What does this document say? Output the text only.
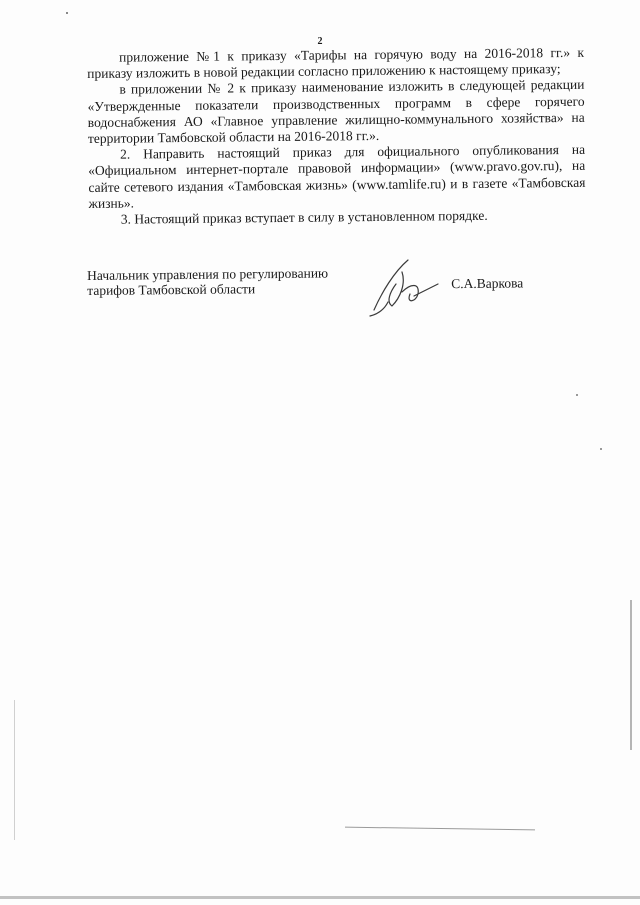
2

приложение №1 к приказу «Тарифы на горячую воду на 2016-2018 гг.» к приказу изложить в новой редакции согласно приложению к настоящему приказу;

в приложении № 2 к приказу наименование изложить в следующей редакции «Утвержденные показатели производственных программ в сфере горячего водоснабжения АО «Главное управление жилищно-коммунального хозяйства» на территории Тамбовской области на 2016-2018 гг.».

2. Направить настоящий приказ для официального опубликования на «Официальном интернет-портале правовой информации» (www.pravo.gov.ru), на сайте сетевого издания «Тамбовская жизнь» (www.tamlife.ru) и в газете «Тамбовская жизнь».

3. Настоящий приказ вступает в силу в установленном порядке.

Начальник управления по регулированию
тарифов Тамбовской области	С.А.Варкова
